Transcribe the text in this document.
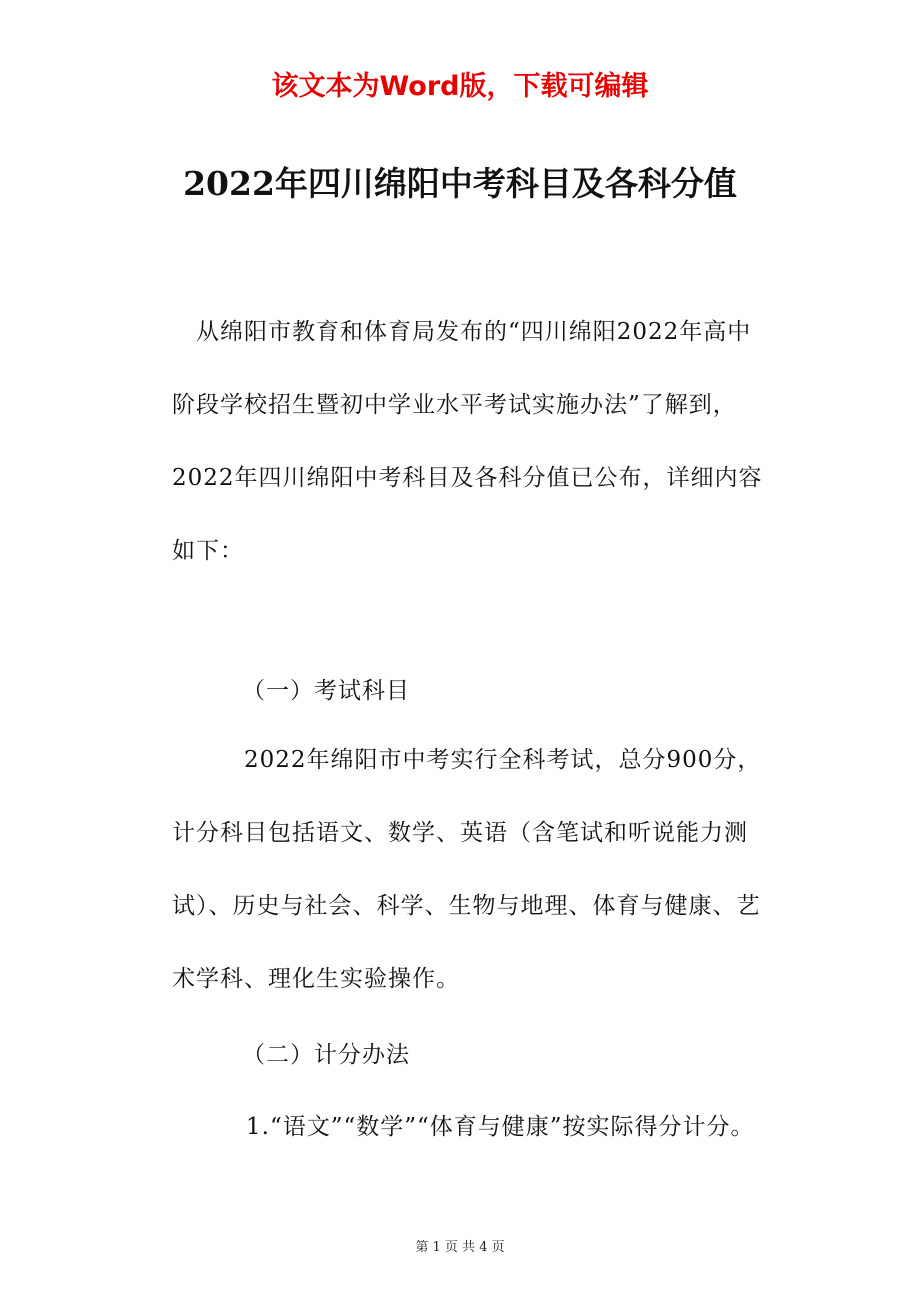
该文本为Word版，下载可编辑
2022年四川绵阳中考科目及各科分值
从绵阳市教育和体育局发布的“四川绵阳2022年高中
阶段学校招生暨初中学业水平考试实施办法”了解到，
2022年四川绵阳中考科目及各科分值已公布，详细内容
如下：
（一）考试科目
2022年绵阳市中考实行全科考试，总分900分，
计分科目包括语文、数学、英语（含笔试和听说能力测
试）、历史与社会、科学、生物与地理、体育与健康、艺
术学科、理化生实验操作。
（二）计分办法
1.“语文”“数学”“体育与健康”按实际得分计分。
第 1 页 共 4 页
